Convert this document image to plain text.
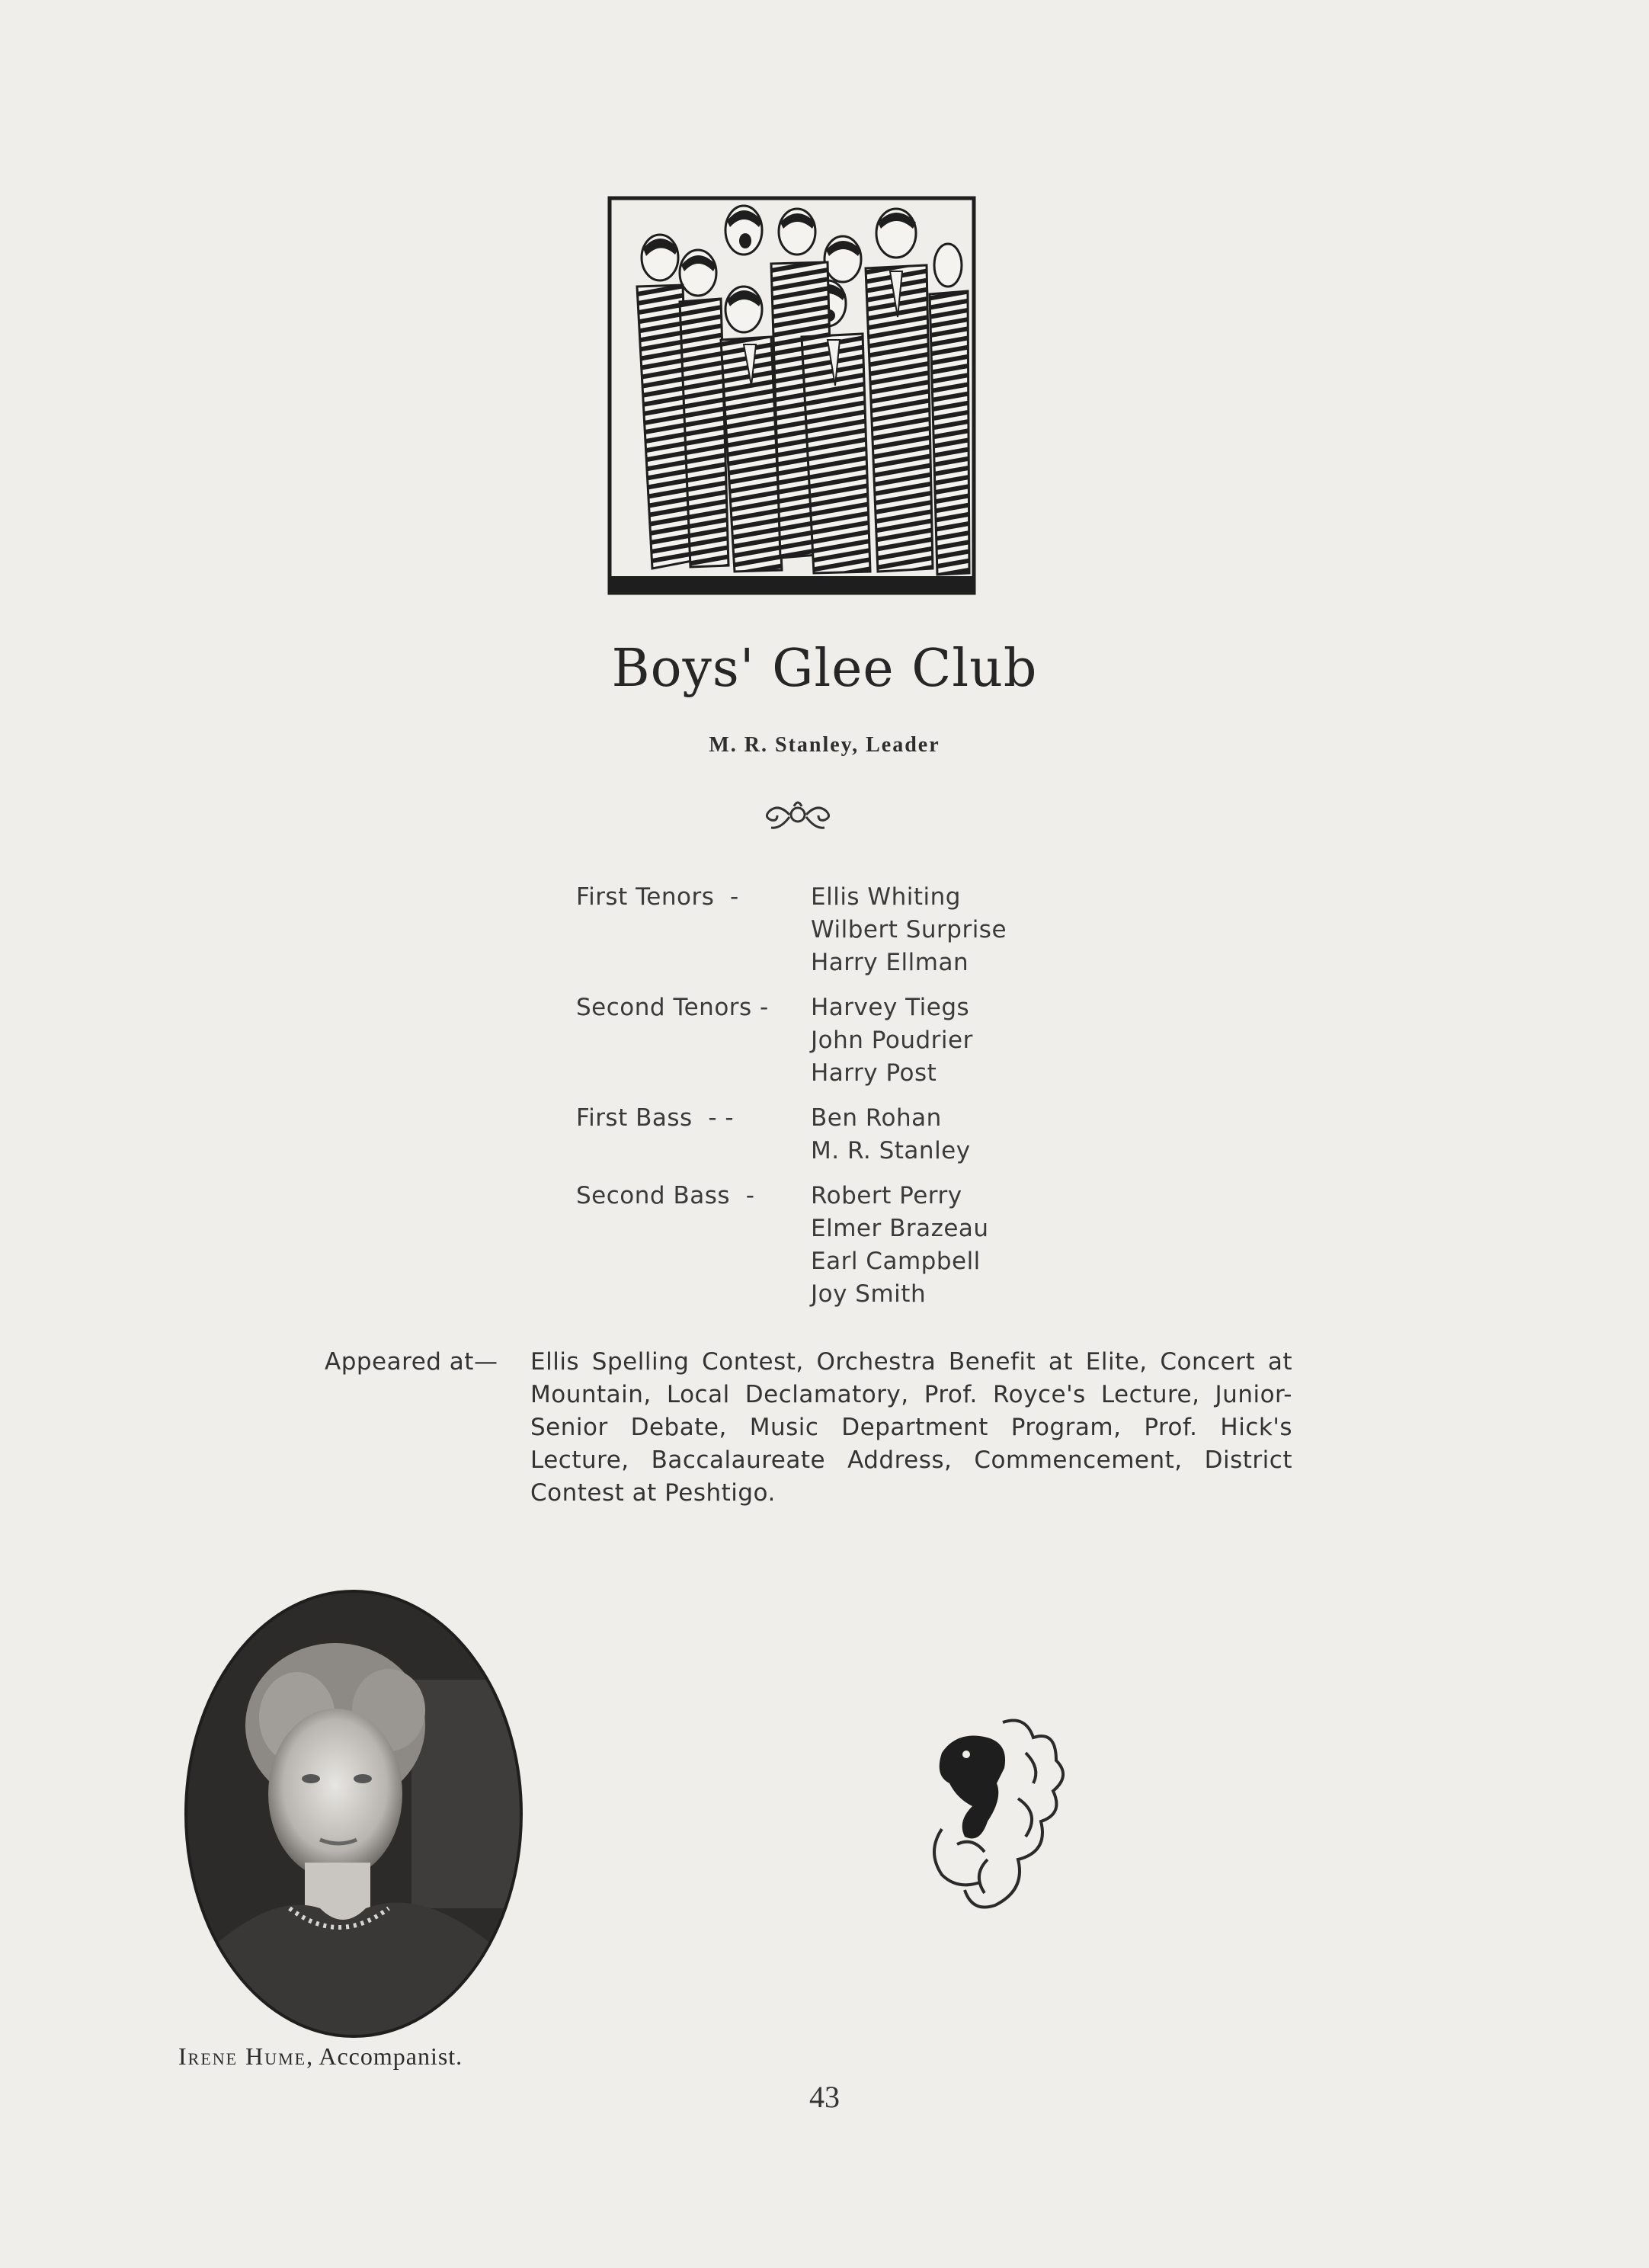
Boys' Glee Club
M. R. Stanley, Leader
First Tenors  -	Ellis Whiting
Wilbert Surprise
Harry Ellman
Second Tenors -	Harvey Tiegs
John Poudrier
Harry Post
First Bass  - -	Ben Rohan
M. R. Stanley
Second Bass  -	Robert Perry
Elmer Brazeau
Earl Campbell
Joy Smith
Appeared at—	Ellis Spelling Contest, Orchestra Benefit at Elite, Concert at Mountain, Local Declamatory, Prof. Royce's Lecture, Junior-Senior Debate, Music Department Program, Prof. Hick's Lecture, Baccalaureate Address, Commencement, District Contest at Peshtigo.
Irene Hume, Accompanist.
43
